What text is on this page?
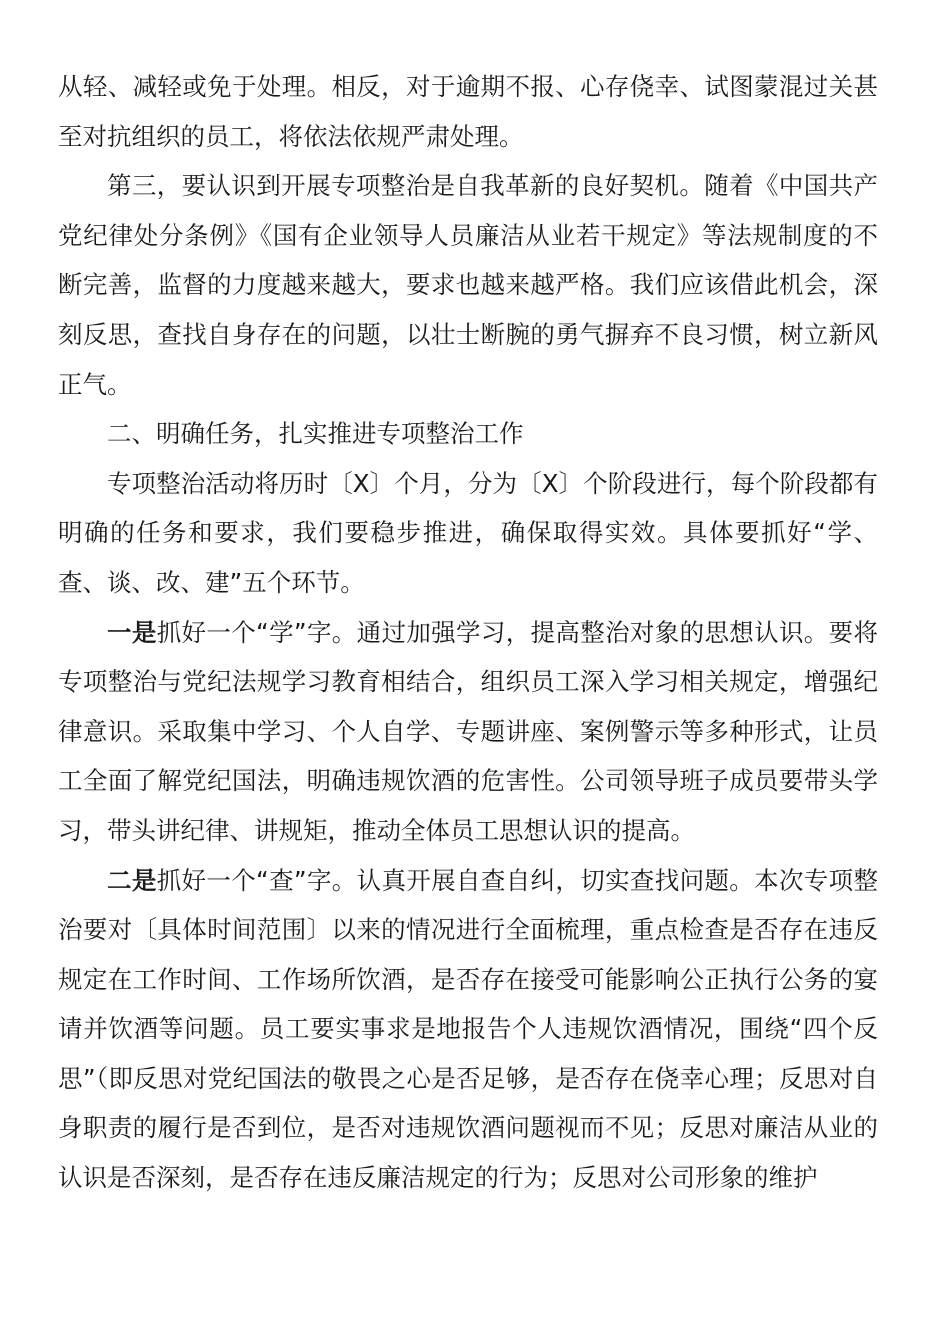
从轻、减轻或免于处理。相反，对于逾期不报、心存侥幸、试图蒙混过关甚至对抗组织的员工，将依法依规严肃处理。

第三，要认识到开展专项整治是自我革新的良好契机。随着《中国共产党纪律处分条例》《国有企业领导人员廉洁从业若干规定》等法规制度的不断完善，监督的力度越来越大，要求也越来越严格。我们应该借此机会，深刻反思，查找自身存在的问题，以壮士断腕的勇气摒弃不良习惯，树立新风正气。

二、明确任务，扎实推进专项整治工作

专项整治活动将历时〔X〕个月，分为〔X〕个阶段进行，每个阶段都有明确的任务和要求，我们要稳步推进，确保取得实效。具体要抓好“学、查、谈、改、建”五个环节。

一是抓好一个“学”字。通过加强学习，提高整治对象的思想认识。要将专项整治与党纪法规学习教育相结合，组织员工深入学习相关规定，增强纪律意识。采取集中学习、个人自学、专题讲座、案例警示等多种形式，让员工全面了解党纪国法，明确违规饮酒的危害性。公司领导班子成员要带头学习，带头讲纪律、讲规矩，推动全体员工思想认识的提高。

二是抓好一个“查”字。认真开展自查自纠，切实查找问题。本次专项整治要对〔具体时间范围〕以来的情况进行全面梳理，重点检查是否存在违反规定在工作时间、工作场所饮酒，是否存在接受可能影响公正执行公务的宴请并饮酒等问题。员工要实事求是地报告个人违规饮酒情况，围绕“四个反思”（即反思对党纪国法的敬畏之心是否足够，是否存在侥幸心理；反思对自身职责的履行是否到位，是否对违规饮酒问题视而不见；反思对廉洁从业的认识是否深刻，是否存在违反廉洁规定的行为；反思对公司形象的维护
